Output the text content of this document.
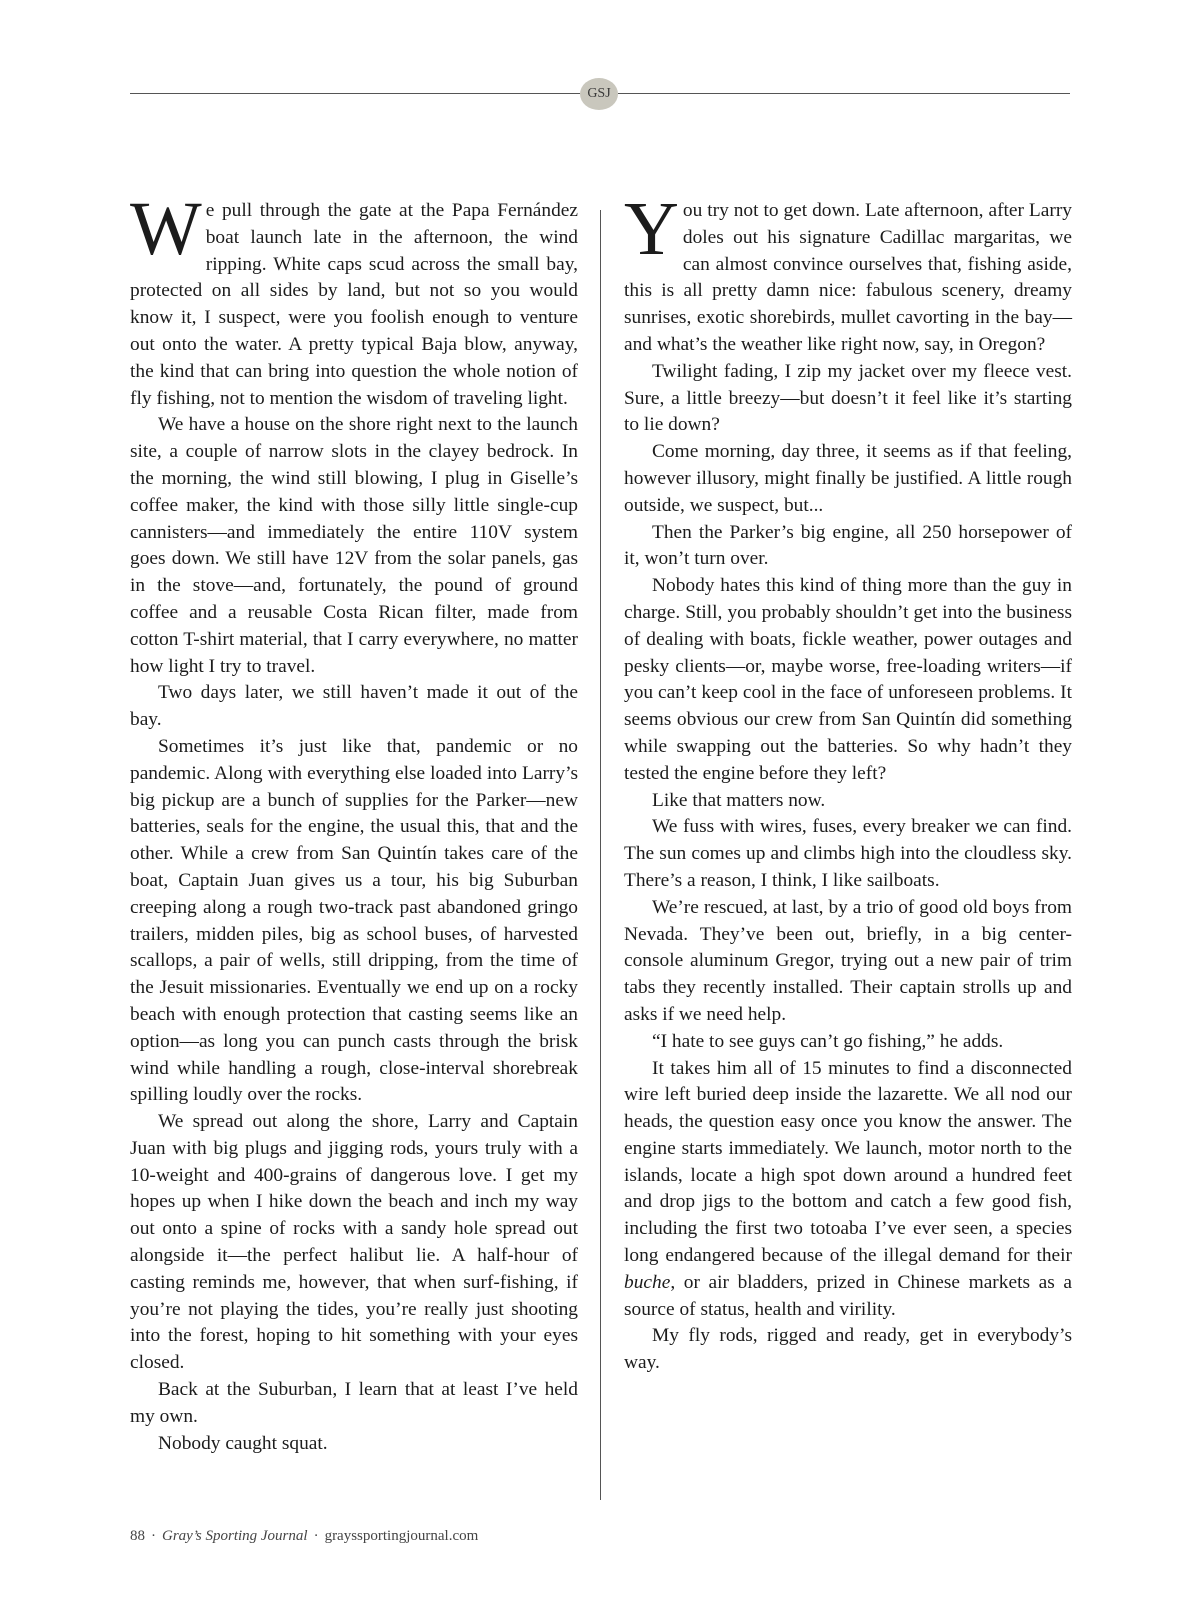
GSJ

We pull through the gate at the Papa Fernández boat launch late in the afternoon, the wind ripping. White caps scud across the small bay, protected on all sides by land, but not so you would know it, I suspect, were you foolish enough to venture out onto the water. A pretty typical Baja blow, anyway, the kind that can bring into question the whole notion of fly fishing, not to mention the wisdom of traveling light.

We have a house on the shore right next to the launch site, a couple of narrow slots in the clayey bedrock. In the morning, the wind still blowing, I plug in Giselle’s coffee maker, the kind with those silly little single-cup cannisters—and immediately the entire 110V system goes down. We still have 12V from the solar panels, gas in the stove—and, fortunately, the pound of ground coffee and a reusable Costa Rican filter, made from cotton T-shirt material, that I carry everywhere, no matter how light I try to travel.

Two days later, we still haven’t made it out of the bay.

Sometimes it’s just like that, pandemic or no pandemic. Along with everything else loaded into Larry’s big pickup are a bunch of supplies for the Parker—new batteries, seals for the engine, the usual this, that and the other. While a crew from San Quintín takes care of the boat, Captain Juan gives us a tour, his big Suburban creeping along a rough two-track past abandoned gringo trailers, midden piles, big as school buses, of harvested scallops, a pair of wells, still dripping, from the time of the Jesuit missionaries. Eventually we end up on a rocky beach with enough protection that casting seems like an option—as long you can punch casts through the brisk wind while handling a rough, close-interval shorebreak spilling loudly over the rocks.

We spread out along the shore, Larry and Captain Juan with big plugs and jigging rods, yours truly with a 10-weight and 400-grains of dangerous love. I get my hopes up when I hike down the beach and inch my way out onto a spine of rocks with a sandy hole spread out alongside it—the perfect halibut lie. A half-hour of casting reminds me, however, that when surf-fishing, if you’re not playing the tides, you’re really just shooting into the forest, hoping to hit something with your eyes closed.

Back at the Suburban, I learn that at least I’ve held my own.

Nobody caught squat.

You try not to get down. Late afternoon, after Larry doles out his signature Cadillac margaritas, we can almost convince ourselves that, fishing aside, this is all pretty damn nice: fabulous scenery, dreamy sunrises, exotic shorebirds, mullet cavorting in the bay—and what’s the weather like right now, say, in Oregon?

Twilight fading, I zip my jacket over my fleece vest. Sure, a little breezy—but doesn’t it feel like it’s starting to lie down?

Come morning, day three, it seems as if that feeling, however illusory, might finally be justified. A little rough outside, we suspect, but...

Then the Parker’s big engine, all 250 horsepower of it, won’t turn over.

Nobody hates this kind of thing more than the guy in charge. Still, you probably shouldn’t get into the business of dealing with boats, fickle weather, power outages and pesky clients—or, maybe worse, free-loading writers—if you can’t keep cool in the face of unforeseen problems. It seems obvious our crew from San Quintín did something while swapping out the batteries. So why hadn’t they tested the engine before they left?

Like that matters now.

We fuss with wires, fuses, every breaker we can find. The sun comes up and climbs high into the cloudless sky. There’s a reason, I think, I like sailboats.

We’re rescued, at last, by a trio of good old boys from Nevada. They’ve been out, briefly, in a big center-console aluminum Gregor, trying out a new pair of trim tabs they recently installed. Their captain strolls up and asks if we need help.

“I hate to see guys can’t go fishing,” he adds.

It takes him all of 15 minutes to find a disconnected wire left buried deep inside the lazarette. We all nod our heads, the question easy once you know the answer. The engine starts immediately. We launch, motor north to the islands, locate a high spot down around a hundred feet and drop jigs to the bottom and catch a few good fish, including the first two totoaba I’ve ever seen, a species long endangered because of the illegal demand for their buche, or air bladders, prized in Chinese markets as a source of status, health and virility.

My fly rods, rigged and ready, get in everybody’s way.

88 · Gray’s Sporting Journal · grayssportingjournal.com
